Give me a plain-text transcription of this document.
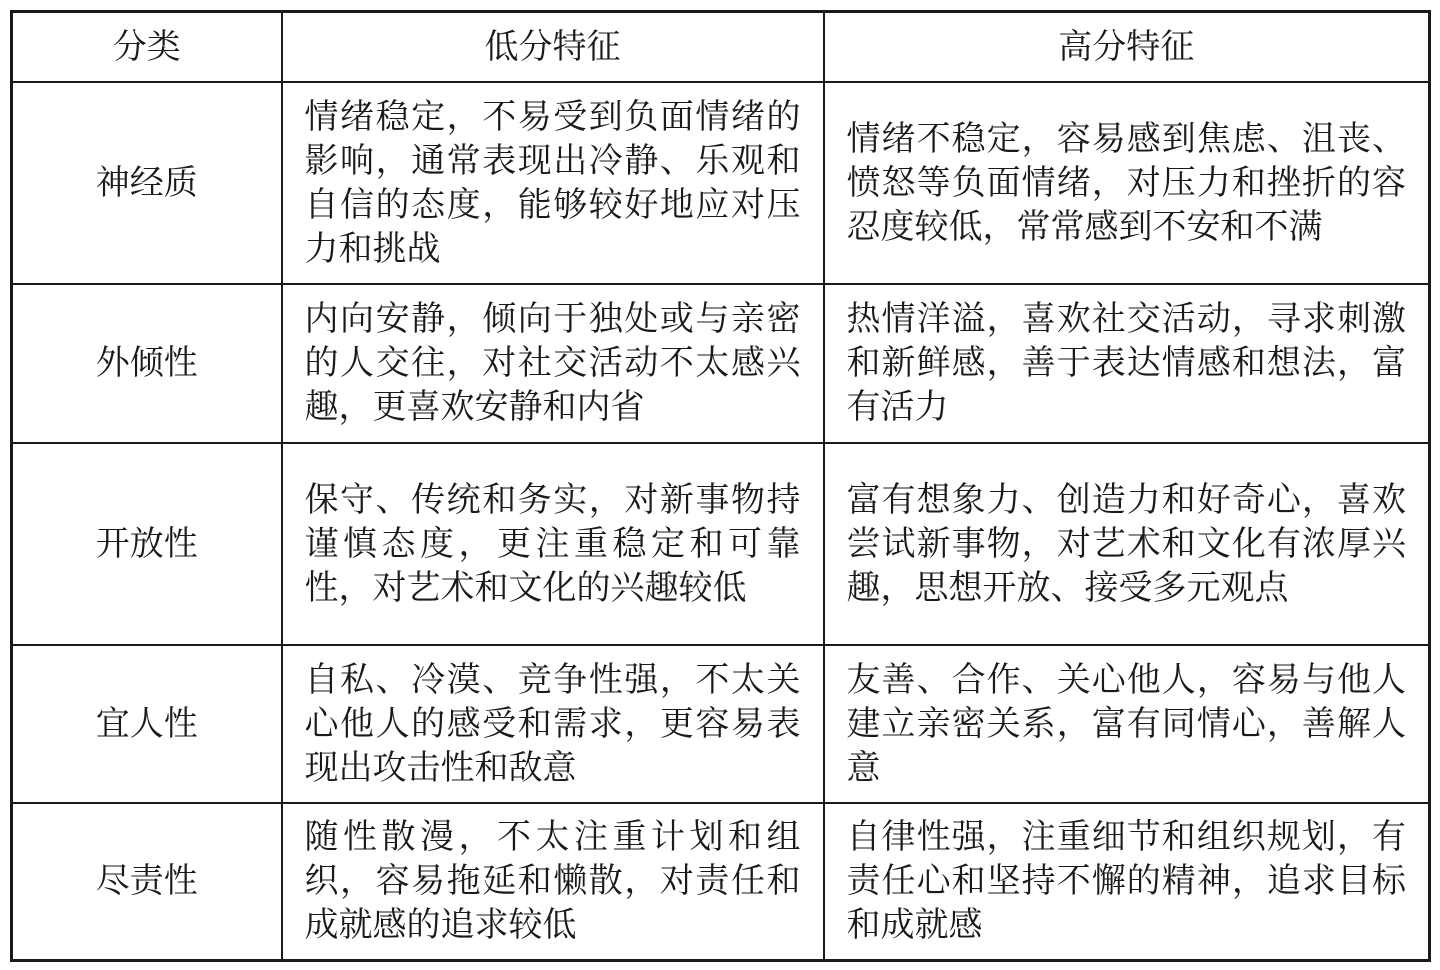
分类	低分特征	高分特征
神经质	情绪稳定，不易受到负面情绪的影响，通常表现出冷静、乐观和自信的态度，能够较好地应对压力和挑战	情绪不稳定，容易感到焦虑、沮丧、愤怒等负面情绪，对压力和挫折的容忍度较低，常常感到不安和不满
外倾性	内向安静，倾向于独处或与亲密的人交往，对社交活动不太感兴趣，更喜欢安静和内省	热情洋溢，喜欢社交活动，寻求刺激和新鲜感，善于表达情感和想法，富有活力
开放性	保守、传统和务实，对新事物持谨慎态度，更注重稳定和可靠性，对艺术和文化的兴趣较低	富有想象力、创造力和好奇心，喜欢尝试新事物，对艺术和文化有浓厚兴趣，思想开放、接受多元观点
宜人性	自私、冷漠、竞争性强，不太关心他人的感受和需求，更容易表现出攻击性和敌意	友善、合作、关心他人，容易与他人建立亲密关系，富有同情心，善解人意
尽责性	随性散漫，不太注重计划和组织，容易拖延和懒散，对责任和成就感的追求较低	自律性强，注重细节和组织规划，有责任心和坚持不懈的精神，追求目标和成就感
